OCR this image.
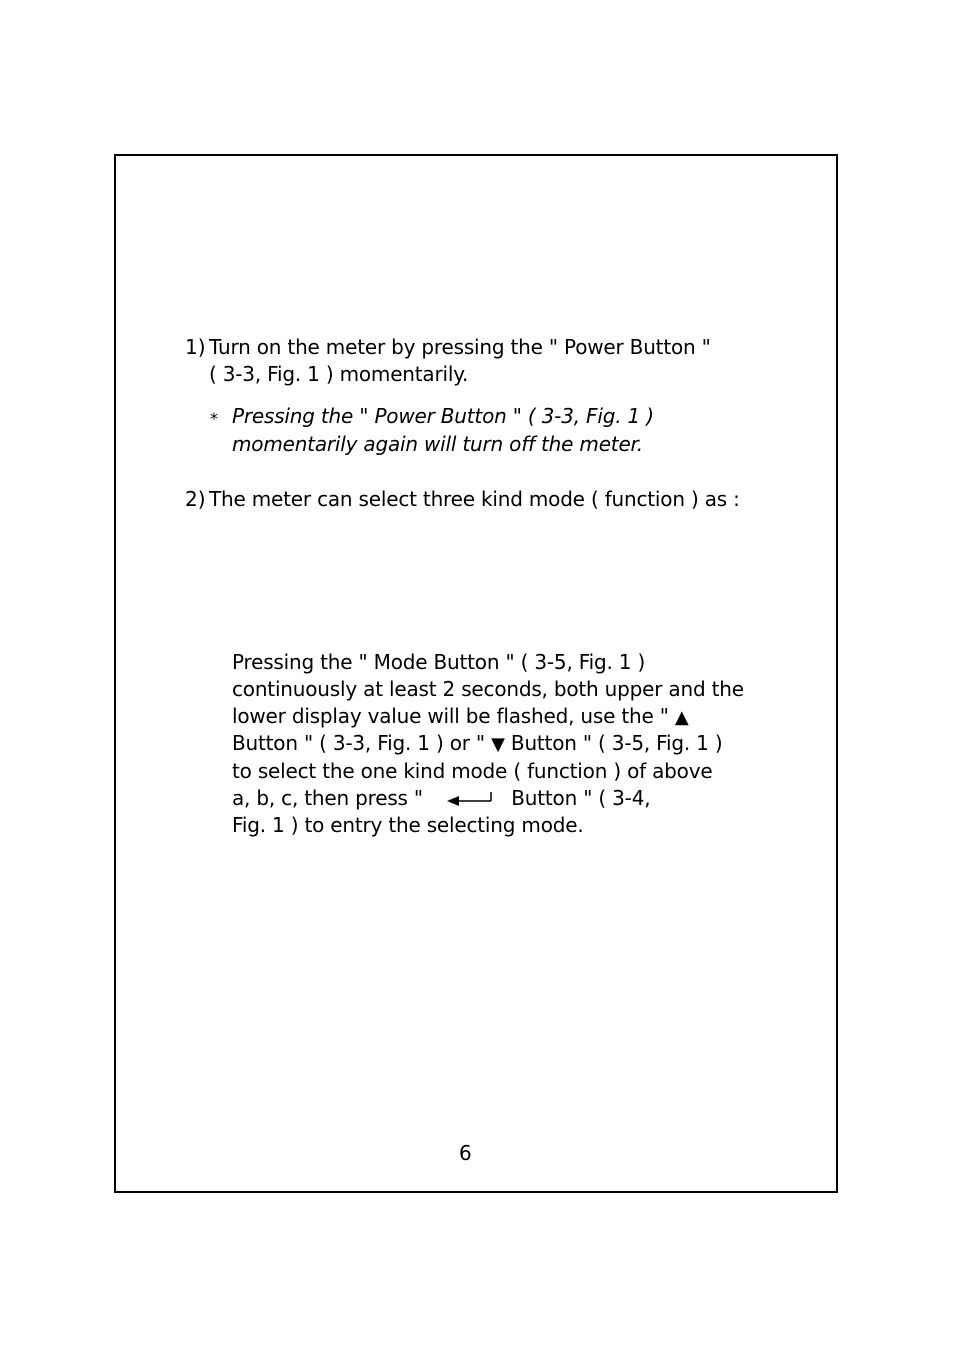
1) Turn on the meter by pressing the " Power Button "
( 3-3, Fig. 1 ) momentarily.
* Pressing the " Power Button " ( 3-3, Fig. 1 )
momentarily again will turn off the meter.
2) The meter can select three kind mode ( function ) as :
Pressing the " Mode Button " ( 3-5, Fig. 1 )
continuously at least 2 seconds, both upper and the
lower display value will be flashed, use the " ▲
Button " ( 3-3, Fig. 1 ) or " ▼ Button " ( 3-5, Fig. 1 )
to select the one kind mode ( function ) of above
a, b, c, then press "	Button " ( 3-4,
Fig. 1 ) to entry the selecting mode.
6
